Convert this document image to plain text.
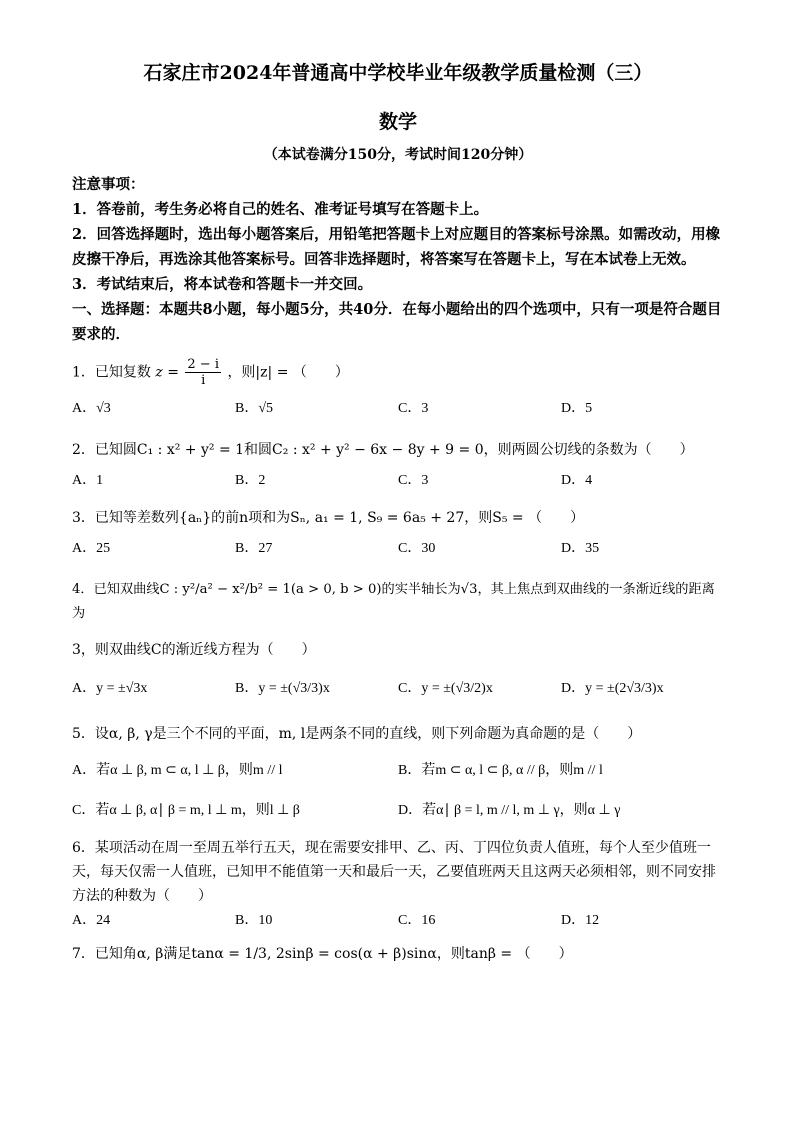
石家庄市2024年普通高中学校毕业年级教学质量检测（三）

数学

（本试卷满分150分，考试时间120分钟）

注意事项：

1．答卷前，考生务必将自己的姓名、准考证号填写在答题卡上。

2．回答选择题时，选出每小题答案后，用铅笔把答题卡上对应题目的答案标号涂黑。如需改动，用橡皮擦干净后，再选涂其他答案标号。回答非选择题时，将答案写在答题卡上，写在本试卷上无效。

3．考试结束后，将本试卷和答题卡一并交回。

一、选择题：本题共8小题，每小题5分，共40分．在每小题给出的四个选项中，只有一项是符合题目要求的．

1．已知复数 $z = \frac{2 - i}{i}$ ，则|z| = （　　）
A．√3	B．√5	C．3	D．5

2．已知圆C₁ : x² + y² = 1和圆C₂ : x² + y² − 6x − 8y + 9 = 0，则两圆公切线的条数为（　　）

A．1	B．2	C．3	D．4

3．已知等差数列{aₙ}的前n项和为Sₙ, a₁ = 1, S₉ = 6a₅ + 27，则S₅ = （　　）

A．25	B．27	C．30	D．35

4．已知双曲线C : y²/a² − x²/b² = 1(a > 0, b > 0)的实半轴长为√3，其上焦点到双曲线的一条渐近线的距离为

3，则双曲线C的渐近线方程为（　　）

A．y = ±√3x	B．y = ±(√3/3)x	C．y = ±(√3/2)x	D．y = ±(2√3/3)x

5．设α, β, γ是三个不同的平面，m, l是两条不同的直线，则下列命题为真命题的是（　　）

A．若α ⊥ β, m ⊂ α, l ⊥ β，则m // l	B．若m ⊂ α, l ⊂ β, α // β，则m // l
C．若α ⊥ β, α∣ β = m, l ⊥ m，则l ⊥ β	D．若α∣ β = l, m // l, m ⊥ γ，则α ⊥ γ

6．某项活动在周一至周五举行五天，现在需要安排甲、乙、丙、丁四位负责人值班，每个人至少值班一天，每天仅需一人值班，已知甲不能值第一天和最后一天，乙要值班两天且这两天必须相邻，则不同安排方法的种数为（　　）

A．24	B．10	C．16	D．12

7．已知角α, β满足tanα = 1/3, 2sinβ = cos(α + β)sinα，则tanβ = （　　）
